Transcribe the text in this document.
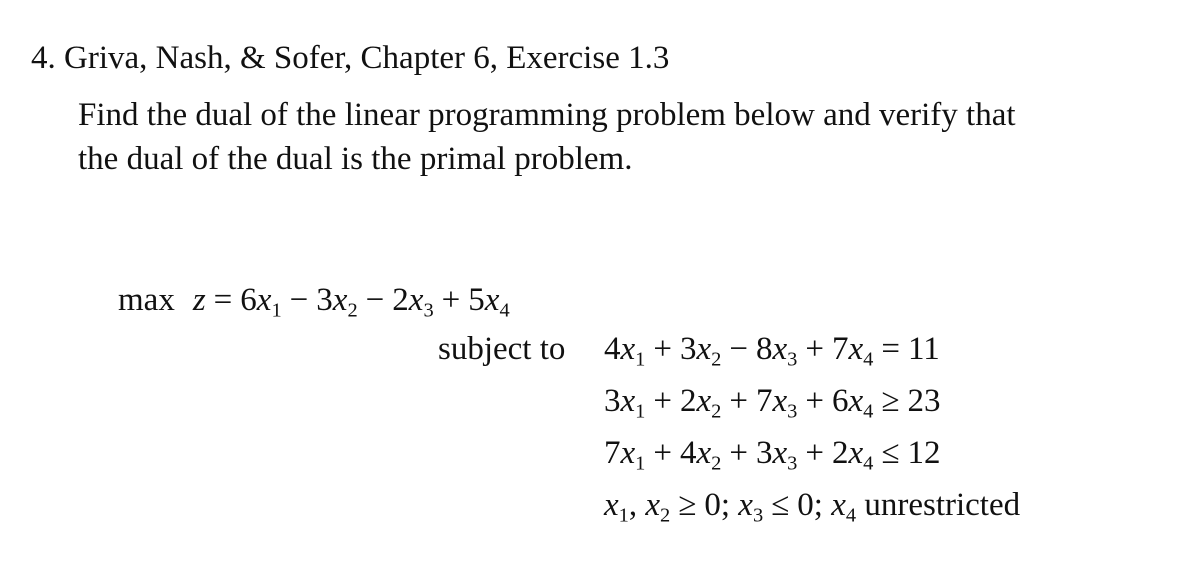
4. Griva, Nash, & Sofer, Chapter 6, Exercise 1.3
Find the dual of the linear programming problem below and verify that
the dual of the dual is the primal problem.
$\max z = 6x_1 - 3x_2 - 2x_3 + 5x_4$
subject to $4x_1 + 3x_2 - 8x_3 + 7x_4 = 11$
$3x_1 + 2x_2 + 7x_3 + 6x_4 \ge 23$
$7x_1 + 4x_2 + 3x_3 + 2x_4 \le 12$
$x_1$, $x_2 \ge 0$; $x_3 \le 0$; $x_4$ unrestricted
